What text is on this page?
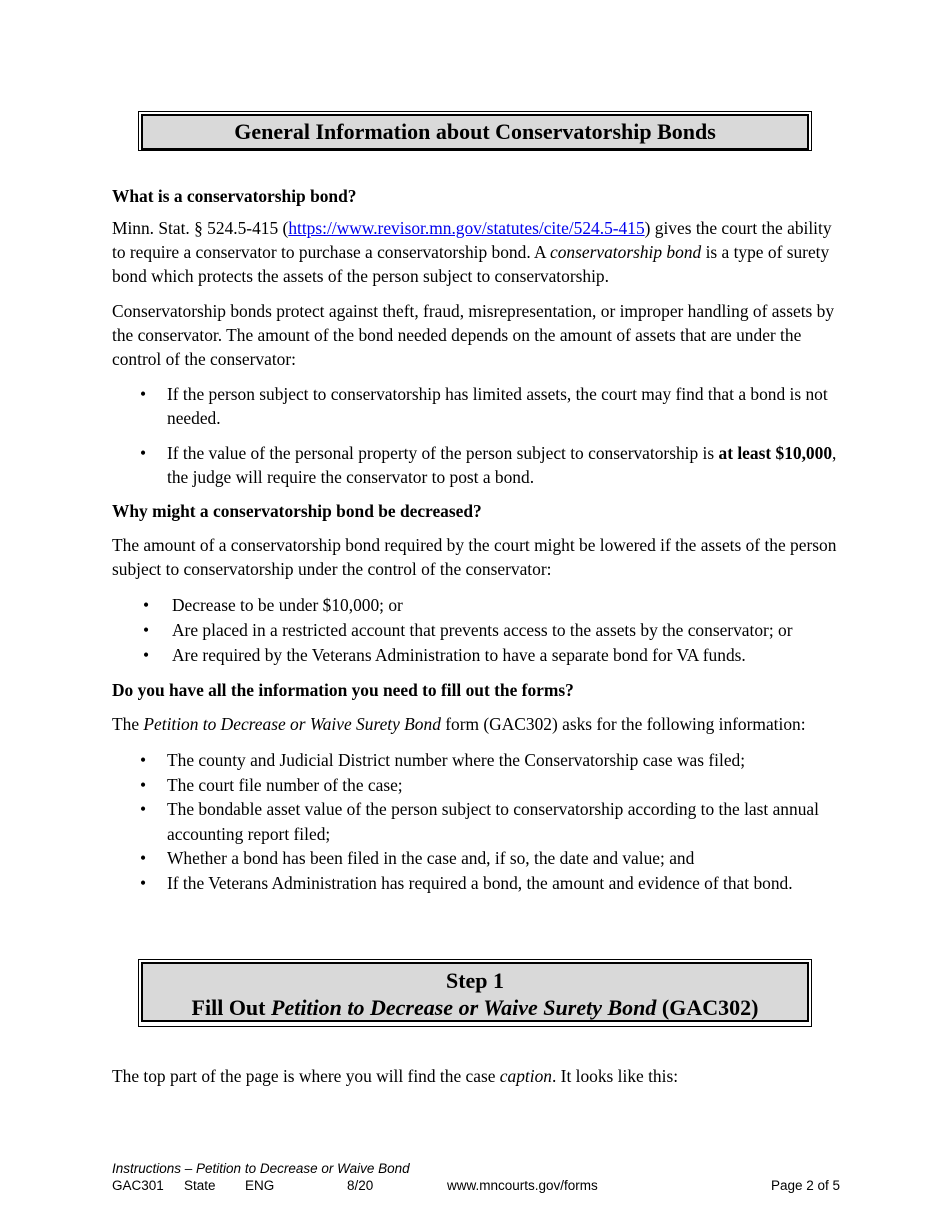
General Information about Conservatorship Bonds
What is a conservatorship bond?

Minn. Stat. § 524.5-415 (https://www.revisor.mn.gov/statutes/cite/524.5-415) gives the court the ability to require a conservator to purchase a conservatorship bond. A conservatorship bond is a type of surety bond which protects the assets of the person subject to conservatorship.

Conservatorship bonds protect against theft, fraud, misrepresentation, or improper handling of assets by the conservator. The amount of the bond needed depends on the amount of assets that are under the control of the conservator:

• If the person subject to conservatorship has limited assets, the court may find that a bond is not needed.
• If the value of the personal property of the person subject to conservatorship is at least $10,000, the judge will require the conservator to post a bond.
Why might a conservatorship bond be decreased?

The amount of a conservatorship bond required by the court might be lowered if the assets of the person subject to conservatorship under the control of the conservator:

• Decrease to be under $10,000; or
• Are placed in a restricted account that prevents access to the assets by the conservator; or
• Are required by the Veterans Administration to have a separate bond for VA funds.
Do you have all the information you need to fill out the forms?

The Petition to Decrease or Waive Surety Bond form (GAC302) asks for the following information:

• The county and Judicial District number where the Conservatorship case was filed;
• The court file number of the case;
• The bondable asset value of the person subject to conservatorship according to the last annual accounting report filed;
• Whether a bond has been filed in the case and, if so, the date and value; and
• If the Veterans Administration has required a bond, the amount and evidence of that bond.
Step 1
Fill Out Petition to Decrease or Waive Surety Bond (GAC302)

The top part of the page is where you will find the case caption. It looks like this:

Instructions – Petition to Decrease or Waive Bond
GAC301 State ENG	8/20	www.mncourts.gov/forms	Page 2 of 5
